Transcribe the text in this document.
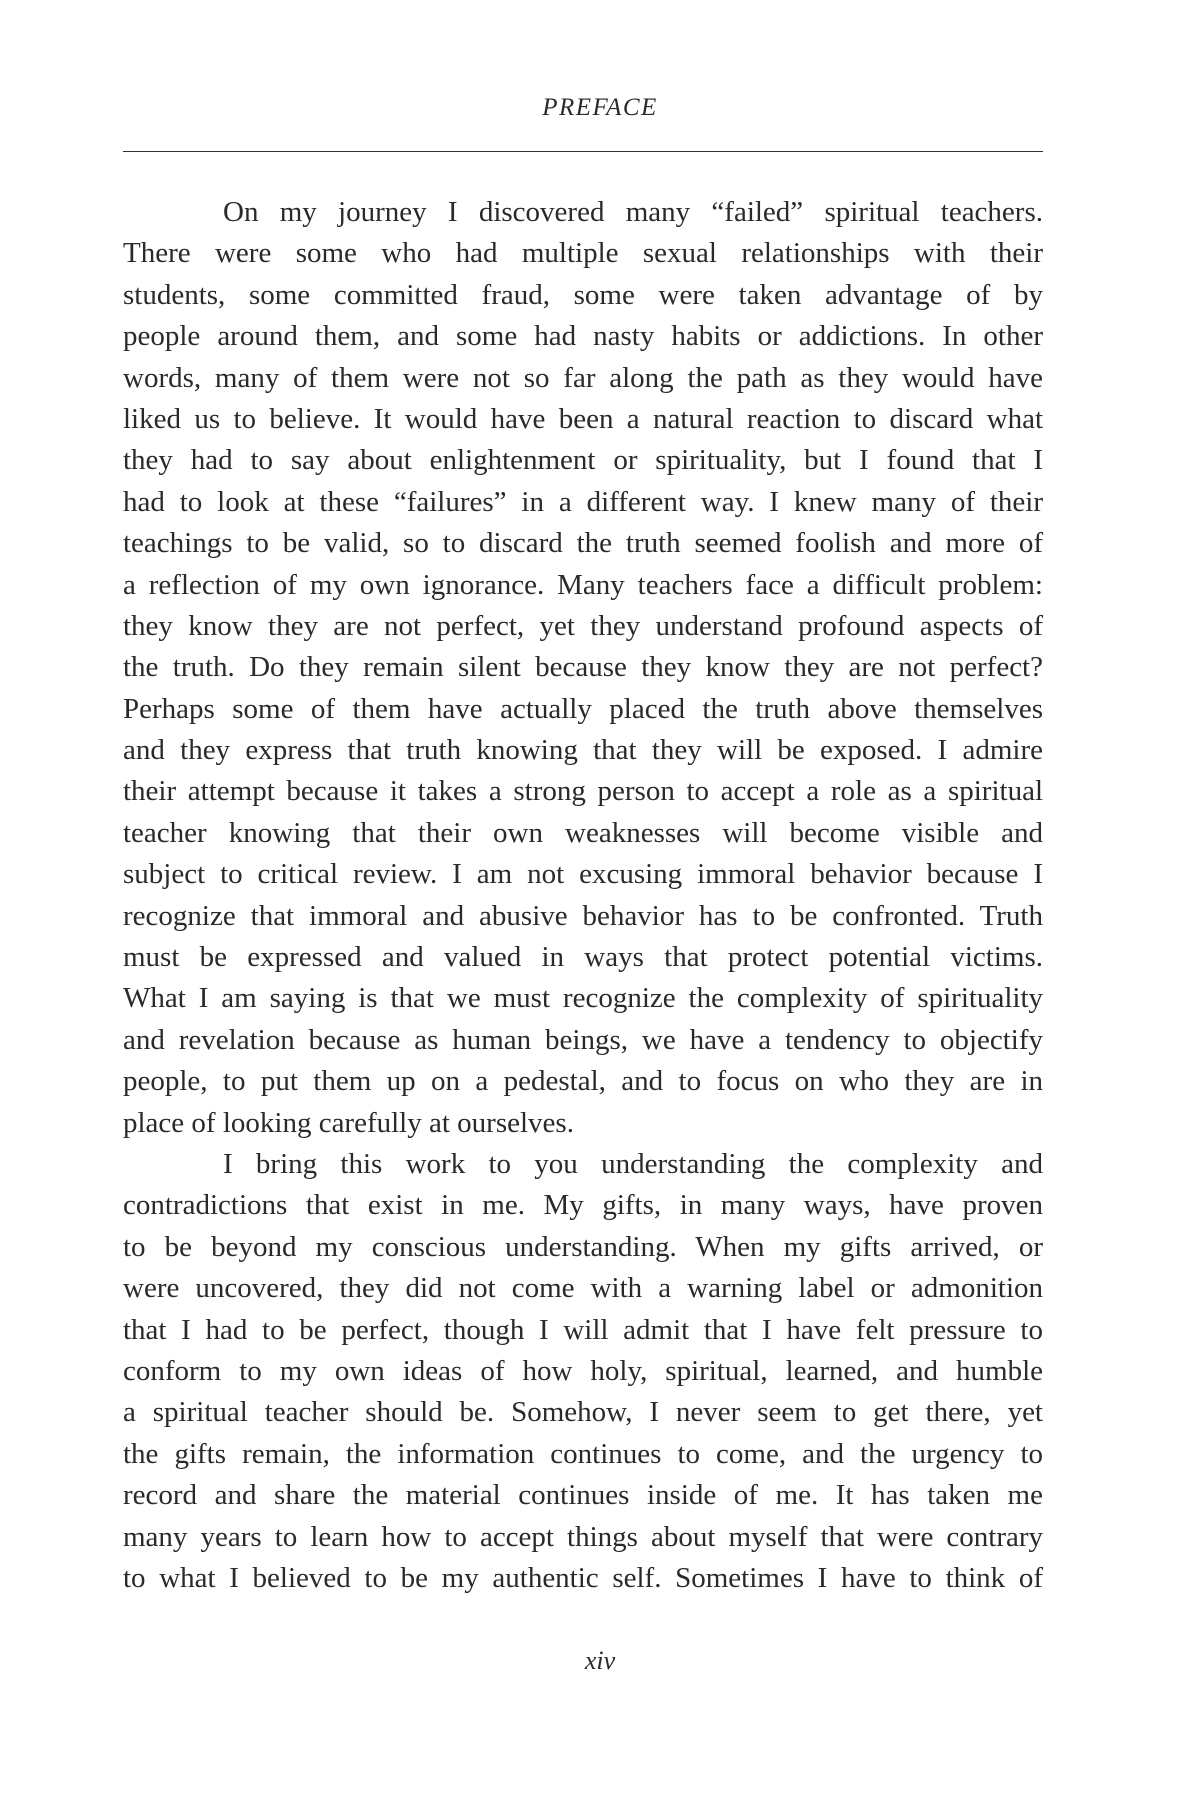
PREFACE
On my journey I discovered many “failed” spiritual teachers.
There were some who had multiple sexual relationships with their
students, some committed fraud, some were taken advantage of by
people around them, and some had nasty habits or addictions. In other
words, many of them were not so far along the path as they would have
liked us to believe. It would have been a natural reaction to discard what
they had to say about enlightenment or spirituality, but I found that I
had to look at these “failures” in a different way. I knew many of their
teachings to be valid, so to discard the truth seemed foolish and more of
a reflection of my own ignorance. Many teachers face a difficult problem:
they know they are not perfect, yet they understand profound aspects of
the truth. Do they remain silent because they know they are not perfect?
Perhaps some of them have actually placed the truth above themselves
and they express that truth knowing that they will be exposed. I admire
their attempt because it takes a strong person to accept a role as a spiritual
teacher knowing that their own weaknesses will become visible and
subject to critical review. I am not excusing immoral behavior because I
recognize that immoral and abusive behavior has to be confronted. Truth
must be expressed and valued in ways that protect potential victims.
What I am saying is that we must recognize the complexity of spirituality
and revelation because as human beings, we have a tendency to objectify
people, to put them up on a pedestal, and to focus on who they are in
place of looking carefully at ourselves.
I bring this work to you understanding the complexity and
contradictions that exist in me. My gifts, in many ways, have proven
to be beyond my conscious understanding. When my gifts arrived, or
were uncovered, they did not come with a warning label or admonition
that I had to be perfect, though I will admit that I have felt pressure to
conform to my own ideas of how holy, spiritual, learned, and humble
a spiritual teacher should be. Somehow, I never seem to get there, yet
the gifts remain, the information continues to come, and the urgency to
record and share the material continues inside of me. It has taken me
many years to learn how to accept things about myself that were contrary
to what I believed to be my authentic self. Sometimes I have to think of
xiv
